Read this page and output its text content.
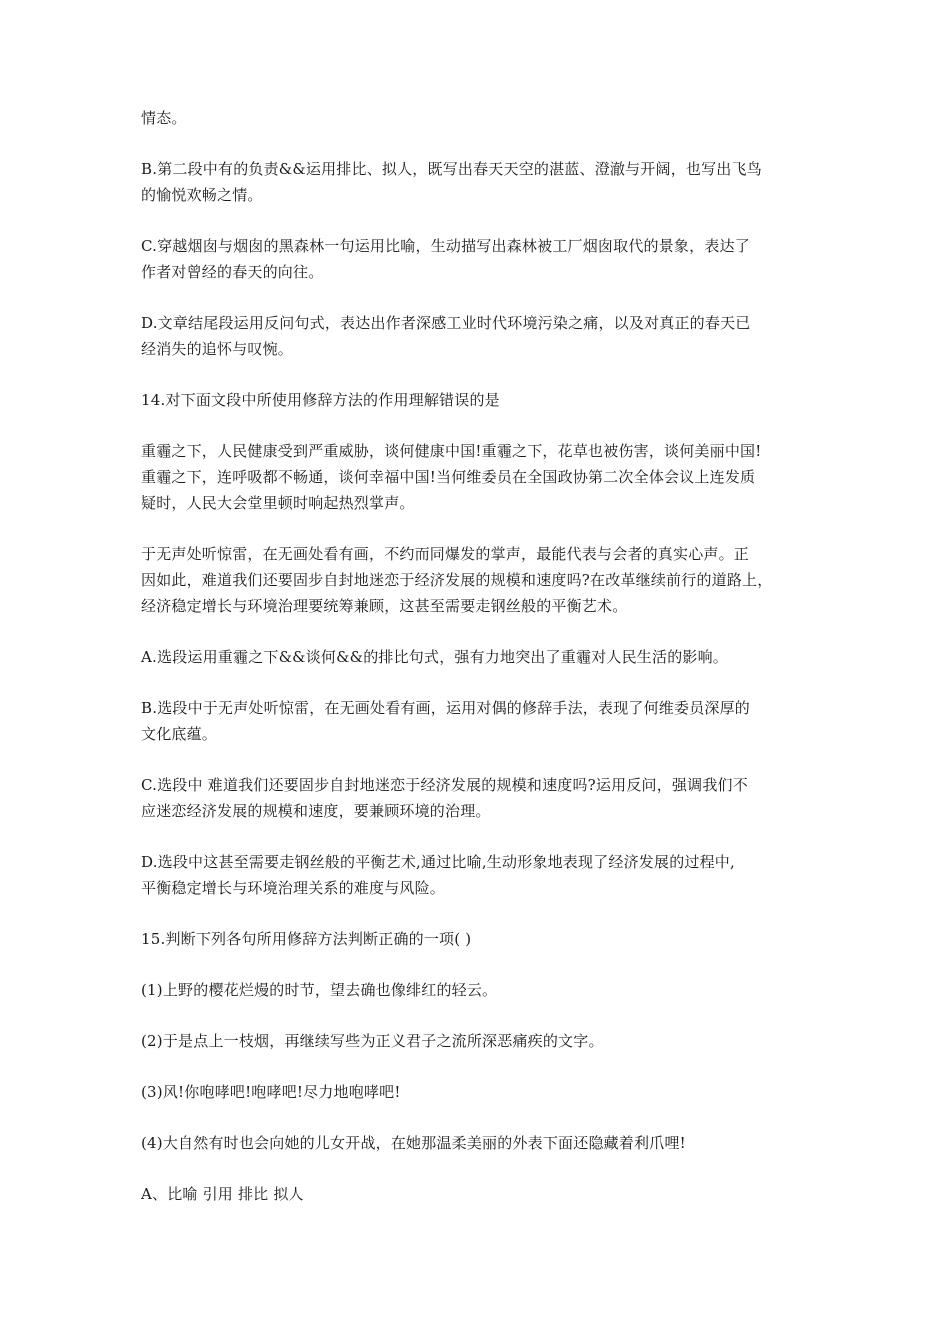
情态。

B.第二段中有的负责&&运用排比、拟人，既写出春天天空的湛蓝、澄澈与开阔，也写出飞鸟
的愉悦欢畅之情。

C.穿越烟囱与烟囱的黑森林一句运用比喻，生动描写出森林被工厂烟囱取代的景象，表达了
作者对曾经的春天的向往。

D.文章结尾段运用反问句式，表达出作者深感工业时代环境污染之痛，以及对真正的春天已
经消失的追怀与叹惋。

14.对下面文段中所使用修辞方法的作用理解错误的是

重霾之下，人民健康受到严重威胁，谈何健康中国!重霾之下，花草也被伤害，谈何美丽中国!
重霾之下，连呼吸都不畅通，谈何幸福中国!当何维委员在全国政协第二次全体会议上连发质
疑时，人民大会堂里顿时响起热烈掌声。

于无声处听惊雷，在无画处看有画，不约而同爆发的掌声，最能代表与会者的真实心声。正
因如此，难道我们还要固步自封地迷恋于经济发展的规模和速度吗?在改革继续前行的道路上，
经济稳定增长与环境治理要统筹兼顾，这甚至需要走钢丝般的平衡艺术。

A.选段运用重霾之下&&谈何&&的排比句式，强有力地突出了重霾对人民生活的影响。

B.选段中于无声处听惊雷，在无画处看有画，运用对偶的修辞手法，表现了何维委员深厚的
文化底蕴。

C.选段中 难道我们还要固步自封地迷恋于经济发展的规模和速度吗?运用反问，强调我们不
应迷恋经济发展的规模和速度，要兼顾环境的治理。

D.选段中这甚至需要走钢丝般的平衡艺术,通过比喻,生动形象地表现了经济发展的过程中,
平衡稳定增长与环境治理关系的难度与风险。

15.判断下列各句所用修辞方法判断正确的一项( )

(1)上野的樱花烂熳的时节，望去确也像绯红的轻云。

(2)于是点上一枝烟，再继续写些为正义君子之流所深恶痛疾的文字。

(3)风!你咆哮吧!咆哮吧!尽力地咆哮吧!

(4)大自然有时也会向她的儿女开战，在她那温柔美丽的外表下面还隐藏着利爪哩!

A、比喻 引用 排比 拟人
